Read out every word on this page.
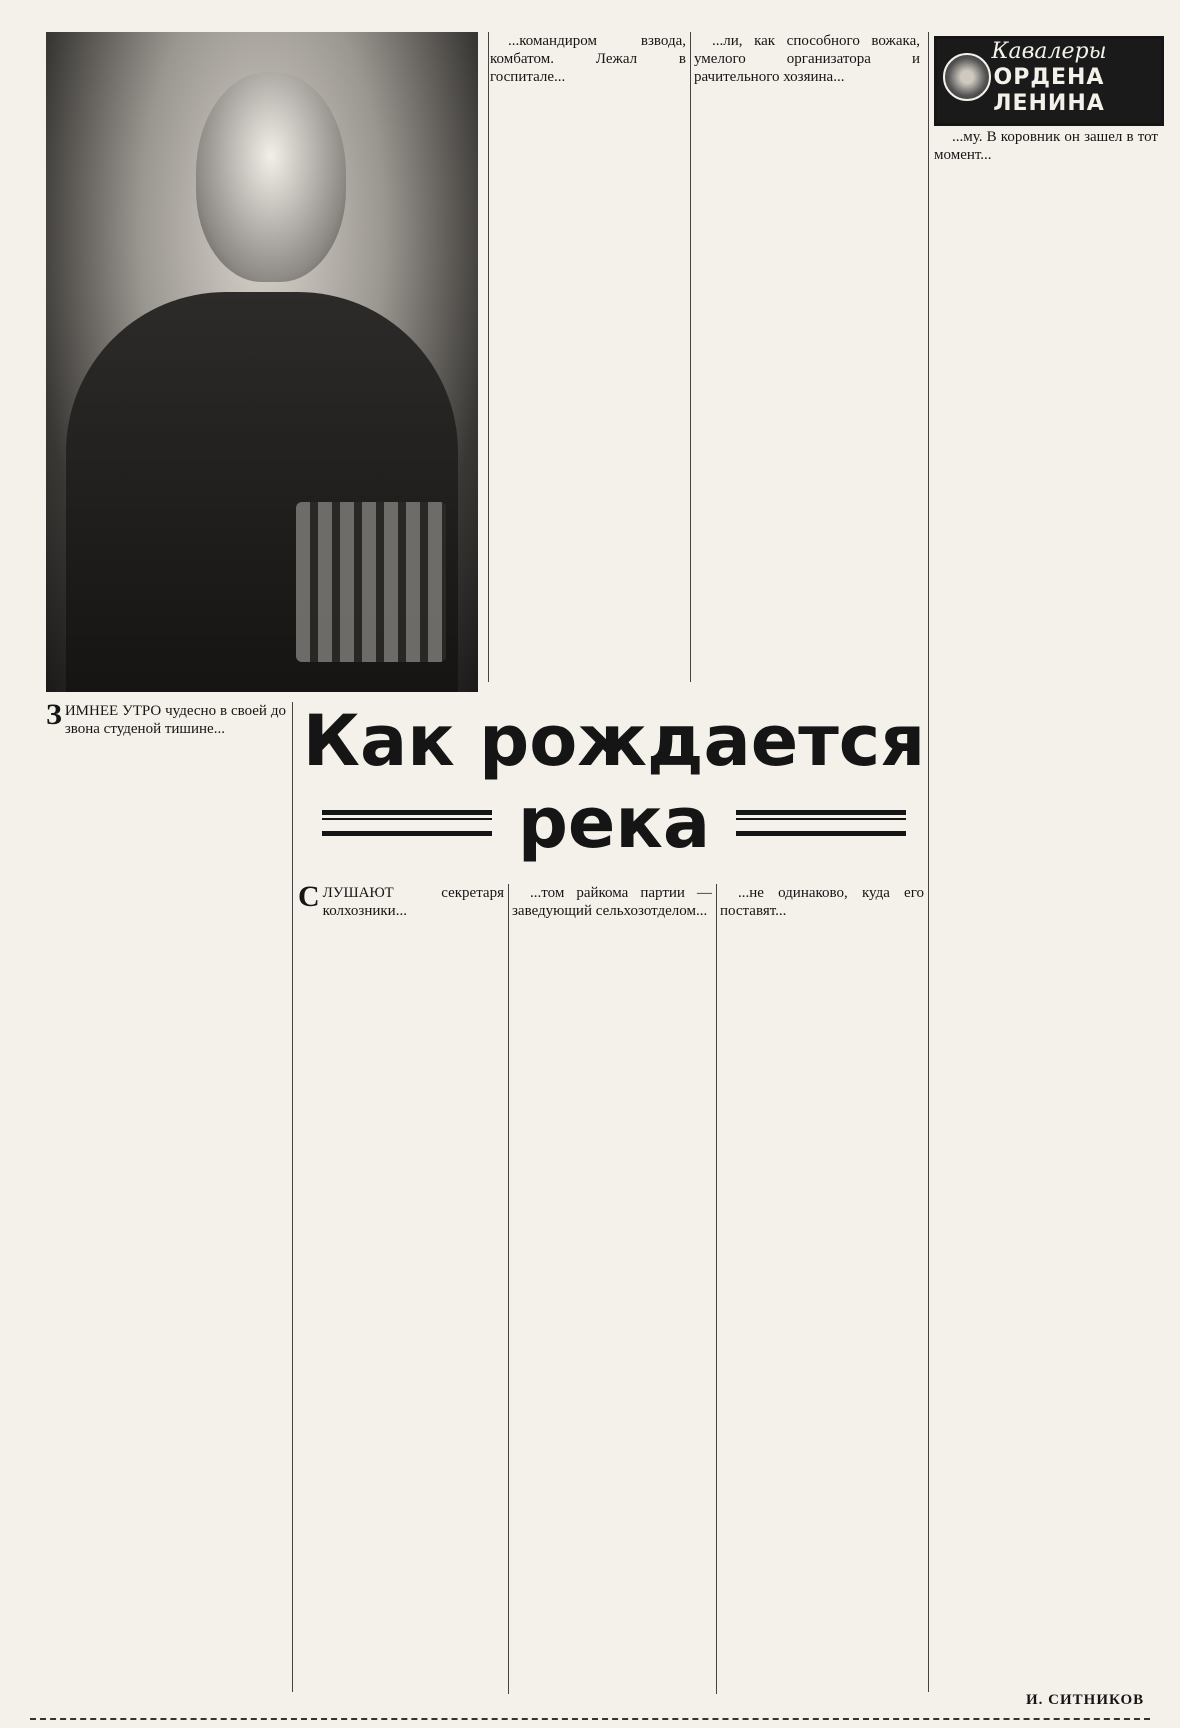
...командиром взвода, комбатом. Лежал в госпитале...

...ли, как способного вожака, умелого организатора и рачительного хозяина...

Кавалеры
ОРДЕНА
ЛЕНИНА

...му. В коровник он зашел в тот момент...

Как рождается
река

ЗИМНЕЕ УТРО чудесно в своей до звона студеной тишине...

СЛУШАЮТ секретаря колхозники...

...том райкома партии — заведующий сельхозотделом...

...не одинаково, куда его поставят...

И. СИТНИКОВ
